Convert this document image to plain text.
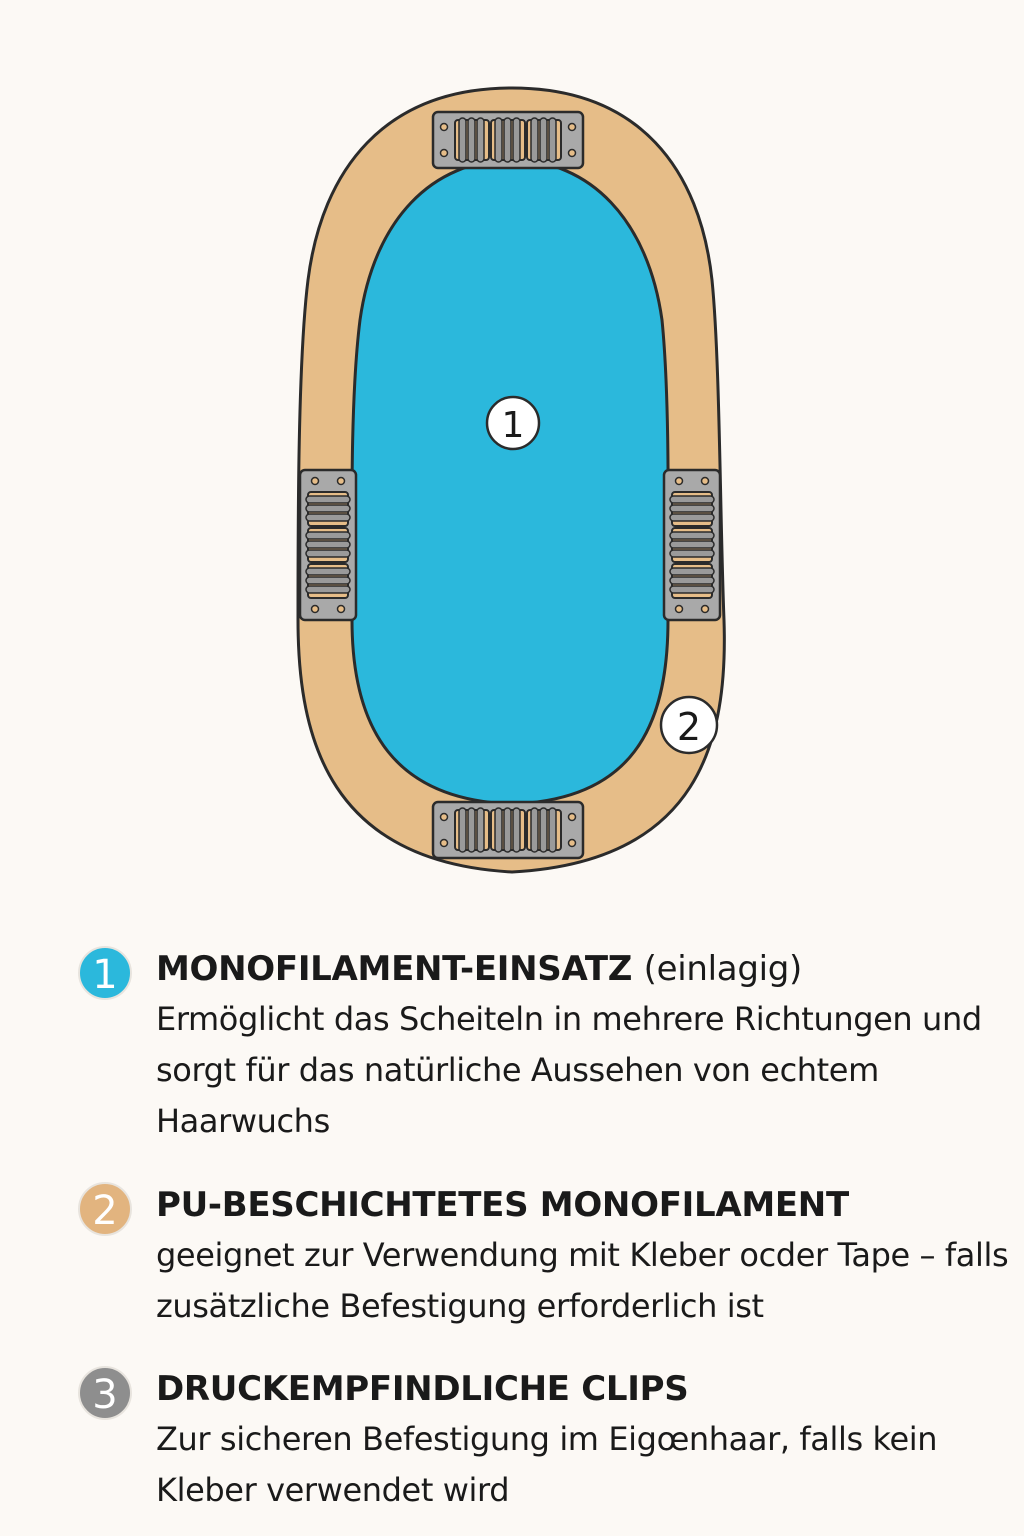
1
2
1	MONOFILAMENT-EINSATZ (einlagig)
Ermöglicht das Scheiteln in mehrere Richtungen und sorgt für das natürliche Aussehen von echtem Haarwuchs
2	PU-BESCHICHTETES MONOFILAMENT
geeignet zur Verwendung mit Kleber ocder Tape – falls zusätzliche Befestigung erforderlich ist
3	DRUCKEMPFINDLICHE CLIPS
Zur sicheren Befestigung im Eigœnhaar, falls kein Kleber verwendet wird
